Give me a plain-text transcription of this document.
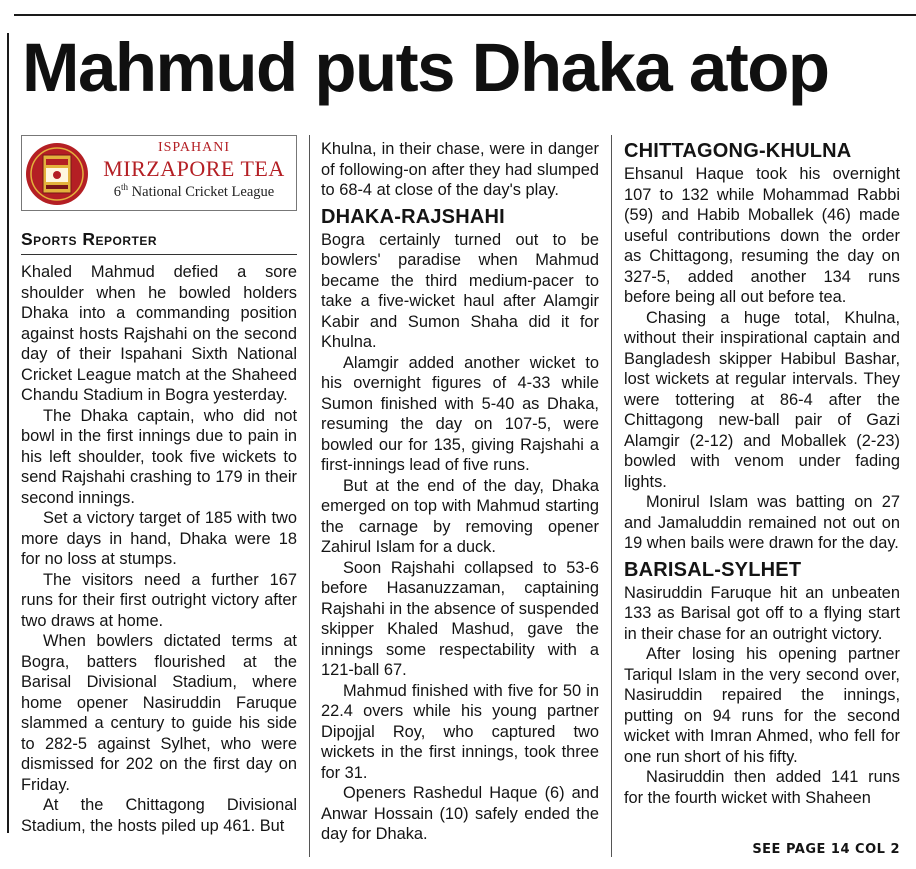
Mahmud puts Dhaka atop
ISPAHANI
MIRZAPORE TEA
6th National Cricket League
Sports Reporter

Khaled Mahmud defied a sore shoulder when he bowled holders Dhaka into a commanding position against hosts Rajshahi on the second day of their Ispahani Sixth National Cricket League match at the Shaheed Chandu Stadium in Bogra yesterday.

The Dhaka captain, who did not bowl in the first innings due to pain in his left shoulder, took five wickets to send Rajshahi crashing to 179 in their second innings.

Set a victory target of 185 with two more days in hand, Dhaka were 18 for no loss at stumps.

The visitors need a further 167 runs for their first outright victory after two draws at home.

When bowlers dictated terms at Bogra, batters flourished at the Barisal Divisional Stadium, where home opener Nasiruddin Faruque slammed a century to guide his side to 282-5 against Sylhet, who were dismissed for 202 on the first day on Friday.

At the Chittagong Divisional Stadium, the hosts piled up 461. But

Khulna, in their chase, were in danger of following-on after they had slumped to 68-4 at close of the day's play.

DHAKA-RAJSHAHI

Bogra certainly turned out to be bowlers' paradise when Mahmud became the third medium-pacer to take a five-wicket haul after Alamgir Kabir and Sumon Shaha did it for Khulna.

Alamgir added another wicket to his overnight figures of 4-33 while Sumon finished with 5-40 as Dhaka, resuming the day on 107-5, were bowled our for 135, giving Rajshahi a first-innings lead of five runs.

But at the end of the day, Dhaka emerged on top with Mahmud starting the carnage by removing opener Zahirul Islam for a duck.

Soon Rajshahi collapsed to 53-6 before Hasanuzzaman, captaining Rajshahi in the absence of suspended skipper Khaled Mashud, gave the innings some respectability with a 121-ball 67.

Mahmud finished with five for 50 in 22.4 overs while his young partner Dipojjal Roy, who captured two wickets in the first innings, took three for 31.

Openers Rashedul Haque (6) and Anwar Hossain (10) safely ended the day for Dhaka.

CHITTAGONG-KHULNA

Ehsanul Haque took his overnight 107 to 132 while Mohammad Rabbi (59) and Habib Moballek (46) made useful contributions down the order as Chittagong, resuming the day on 327-5, added another 134 runs before being all out before tea.

Chasing a huge total, Khulna, without their inspirational captain and Bangladesh skipper Habibul Bashar, lost wickets at regular intervals. They were tottering at 86-4 after the Chittagong new-ball pair of Gazi Alamgir (2-12) and Moballek (2-23) bowled with venom under fading lights.

Monirul Islam was batting on 27 and Jamaluddin remained not out on 19 when bails were drawn for the day.

BARISAL-SYLHET

Nasiruddin Faruque hit an unbeaten 133 as Barisal got off to a flying start in their chase for an outright victory.

After losing his opening partner Tariqul Islam in the very second over, Nasiruddin repaired the innings, putting on 94 runs for the second wicket with Imran Ahmed, who fell for one run short of his fifty.

Nasiruddin then added 141 runs for the fourth wicket with Shaheen

SEE PAGE 14 COL 2
